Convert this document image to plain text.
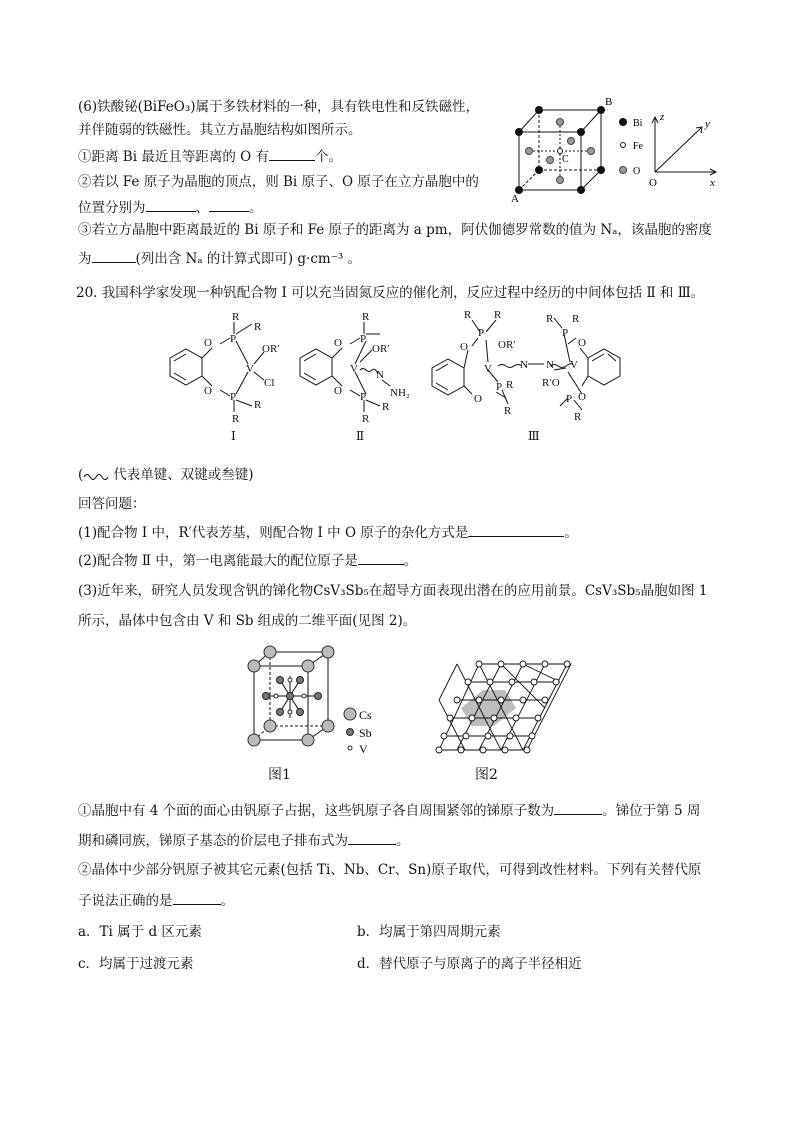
(6)铁酸铋(BiFeO₃)属于多铁材料的一种，具有铁电性和反铁磁性，
并伴随弱的铁磁性。其立方晶胞结构如图所示。
①距离 Bi 最近且等距离的 O 有	个。
②若以 Fe 原子为晶胞的顶点，则 Bi 原子、O 原子在立方晶胞中的
位置分别为	、	。
③若立方晶胞中距离最近的 Bi 原子和 Fe 原子的距离为 a pm，阿伏伽德罗常数的值为 Nₐ，该晶胞的密度
为	(列出含 Nₐ 的计算式即可) g·cm⁻³ 。
B
A
C
Bi
Fe
O
z
y
O	x
20. 我国科学家发现一种钒配合物 Ⅰ 可以充当固氮反应的催化剂，反应过程中经历的中间体包括 Ⅱ 和 Ⅲ。
O P
R
R
V
OR′
Cl
O P
R
R
O P
R
V
OR′
N
NH₂
O P
R
R
O
P
R R
OR′
V	N N
P
O
R
R
R R
P
O
V
R′O
O
P
R
Ⅰ	Ⅱ	Ⅲ
( 代表单键、双键或叁键)
回答问题：
(1)配合物 Ⅰ 中，R′代表芳基，则配合物 I 中 O 原子的杂化方式是	。
(2)配合物 Ⅱ 中，第一电离能最大的配位原子是	。
(3)近年来，研究人员发现含钒的锑化物CsV₃Sb₅在超导方面表现出潜在的应用前景。CsV₃Sb₅晶胞如图 1
所示，晶体中包含由 V 和 Sb 组成的二维平面(见图 2)。
Cs
Sb
V
图1	图2
①晶胞中有 4 个面的面心由钒原子占据，这些钒原子各自周围紧邻的锑原子数为	。锑位于第 5 周
期和磷同族，锑原子基态的价层电子排布式为	。
②晶体中少部分钒原子被其它元素(包括 Ti、Nb、Cr、Sn)原子取代，可得到改性材料。下列有关替代原
子说法正确的是	。
a．Ti 属于 d 区元素	b．均属于第四周期元素
c．均属于过渡元素	d．替代原子与原离子的离子半径相近
